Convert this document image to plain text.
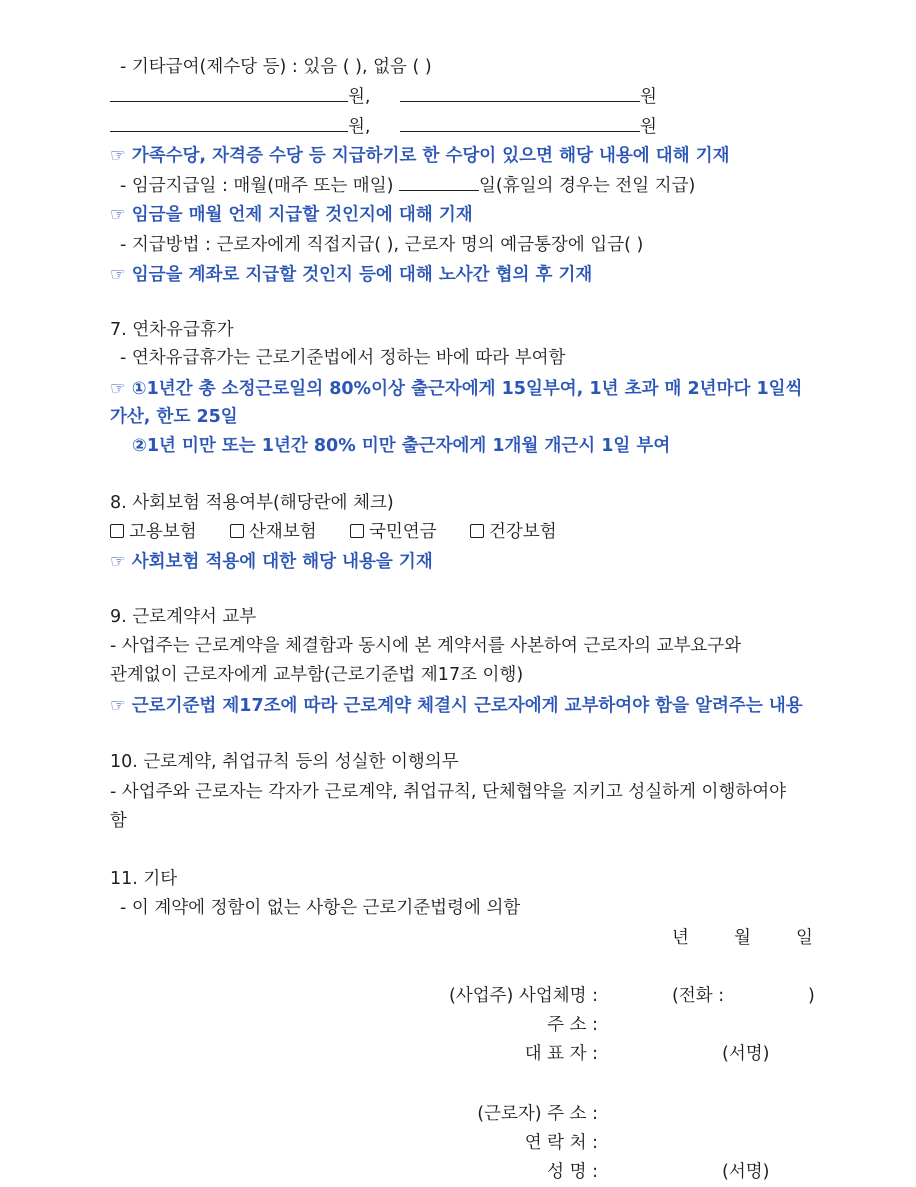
- 기타급여(제수당 등) : 있음 ( ), 없음 ( )
원,	원
원,	원
☞ 가족수당, 자격증 수당 등 지급하기로 한 수당이 있으면 해당 내용에 대해 기재
- 임금지급일 : 매월(매주 또는 매일)	일(휴일의 경우는 전일 지급)
☞ 임금을 매월 언제 지급할 것인지에 대해 기재
- 지급방법 : 근로자에게 직접지급( ), 근로자 명의 예금통장에 입금( )
☞ 임금을 계좌로 지급할 것인지 등에 대해 노사간 협의 후 기재
7. 연차유급휴가
- 연차유급휴가는 근로기준법에서 정하는 바에 따라 부여함
☞ ①1년간 총 소정근로일의 80%이상 출근자에게 15일부여, 1년 초과 매 2년마다 1일씩
가산, 한도 25일
②1년 미만 또는 1년간 80% 미만 출근자에게 1개월 개근시 1일 부여
8. 사회보험 적용여부(해당란에 체크)
고용보험	산재보험	국민연금	건강보험
☞ 사회보험 적용에 대한 해당 내용을 기재
9. 근로계약서 교부
- 사업주는 근로계약을 체결함과 동시에 본 계약서를 사본하여 근로자의 교부요구와
관계없이 근로자에게 교부함(근로기준법 제17조 이행)
☞ 근로기준법 제17조에 따라 근로계약 체결시 근로자에게 교부하여야 함을 알려주는 내용
10. 근로계약, 취업규칙 등의 성실한 이행의무
- 사업주와 근로자는 각자가 근로계약, 취업규칙, 단체협약을 지키고 성실하게 이행하여야
함
11. 기타
- 이 계약에 정함이 없는 사항은 근로기준법령에 의함
년	월	일
(사업주) 사업체명 :	(전화 :	)
주 소 :
대 표 자 :	(서명)
(근로자) 주 소 :
연 락 처 :
성 명 :	(서명)
